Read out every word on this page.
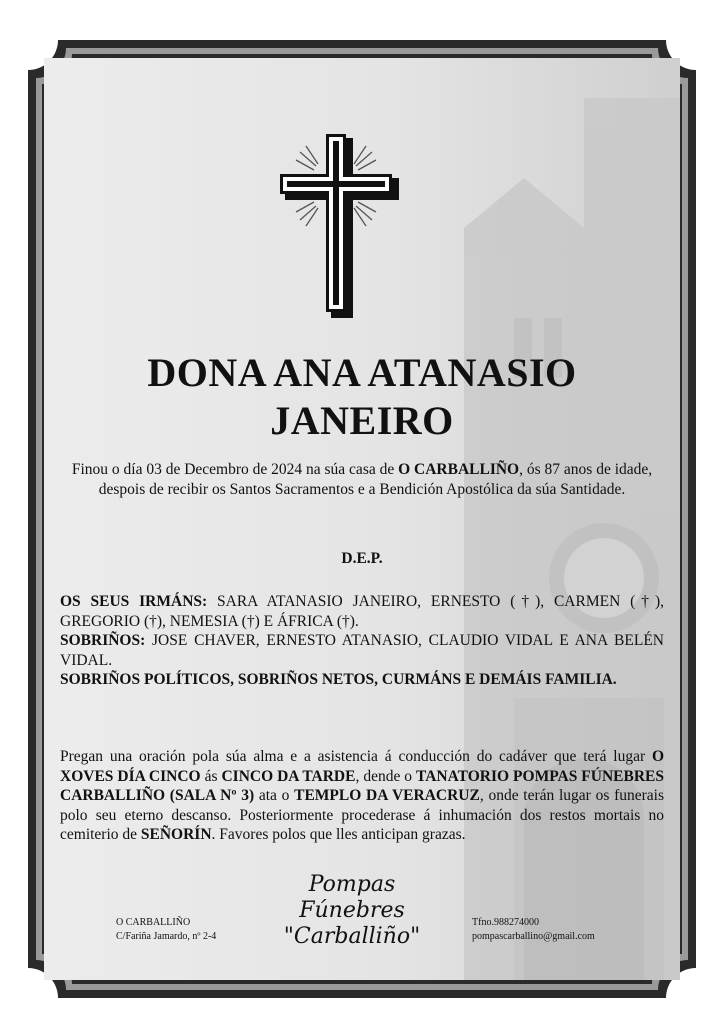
DONA ANA ATANASIO
JANEIRO
Finou o día 03 de Decembro de 2024 na súa casa de O CARBALLIÑO, ós 87 anos de idade, despois de recibir os Santos Sacramentos e a Bendición Apostólica da súa Santidade.
D.E.P.

OS SEUS IRMÁNS: SARA ATANASIO JANEIRO, ERNESTO (†), CARMEN (†), GREGORIO (†), NEMESIA (†) E ÁFRICA (†).

SOBRIÑOS: JOSE CHAVER, ERNESTO ATANASIO, CLAUDIO VIDAL E ANA BELÉN VIDAL.

SOBRIÑOS POLÍTICOS, SOBRIÑOS NETOS, CURMÁNS E DEMÁIS FAMILIA.

Pregan una oración pola súa alma e a asistencia á conducción do cadáver que terá lugar O XOVES DÍA CINCO ás CINCO DA TARDE, dende o TANATORIO POMPAS FÚNEBRES CARBALLIÑO (SALA Nº 3) ata o TEMPLO DA VERACRUZ, onde terán lugar os funerais polo seu eterno descanso. Posteriormente procederase á inhumación dos restos mortais no cemiterio de SEÑORÍN. Favores polos que lles anticipan grazas.
O CARBALLIÑO
C/Fariña Jamardo, nº 2-4
Pompas Fúnebres
"Carballiño"
Tfno.988274000
pompascarballino@gmail.com
